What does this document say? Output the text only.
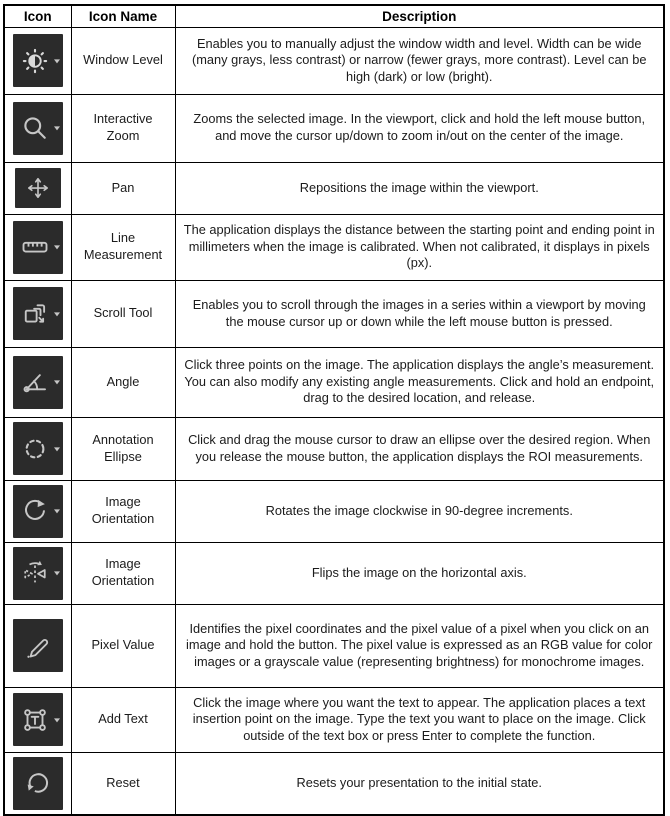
Icon	Icon Name	Description

	Window Level	Enables you to manually adjust the window width and level. Width can be wide (many grays, less contrast) or narrow (fewer grays, more contrast). Level can be high (dark) or low (bright).

	Interactive Zoom	Zooms the selected image. In the viewport, click and hold the left mouse button, and move the cursor up/down to zoom in/out on the center of the image.

	Pan	Repositions the image within the viewport.

	Line Measurement	The application displays the distance between the starting point and ending point in millimeters when the image is calibrated. When not calibrated, it displays in pixels (px).

	Scroll Tool	Enables you to scroll through the images in a series within a viewport by moving the mouse cursor up or down while the left mouse button is pressed.

	Angle	Click three points on the image. The application displays the angle’s measurement. You can also modify any existing angle measurements. Click and hold an endpoint, drag to the desired location, and release.

	Annotation Ellipse	Click and drag the mouse cursor to draw an ellipse over the desired region. When you release the mouse button, the application displays the ROI measurements.

	Image Orientation	Rotates the image clockwise in 90-degree increments.

	Image Orientation	Flips the image on the horizontal axis.

	Pixel Value	Identifies the pixel coordinates and the pixel value of a pixel when you click on an image and hold the button. The pixel value is expressed as an RGB value for color images or a grayscale value (representing brightness) for monochrome images.

	Add Text	Click the image where you want the text to appear. The application places a text insertion point on the image. Type the text you want to place on the image. Click outside of the text box or press Enter to complete the function.

	Reset	Resets your presentation to the initial state.
